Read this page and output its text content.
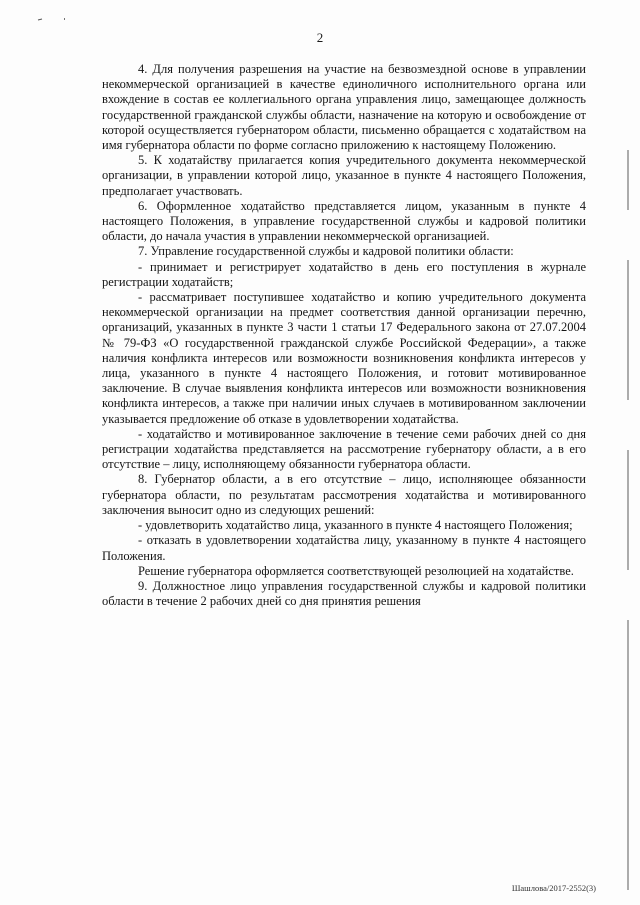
2

4. Для получения разрешения на участие на безвозмездной основе в управлении некоммерческой организацией в качестве единоличного исполнительного органа или вхождение в состав ее коллегиального органа управления лицо, замещающее должность государственной гражданской службы области, назначение на которую и освобождение от которой осуществляется губернатором области, письменно обращается с ходатайством на имя губернатора области по форме согласно приложению к настоящему Положению.

5. К ходатайству прилагается копия учредительного документа некоммерческой организации, в управлении которой лицо, указанное в пункте 4 настоящего Положения, предполагает участвовать.

6. Оформленное ходатайство представляется лицом, указанным в пункте 4 настоящего Положения, в управление государственной службы и кадровой политики области, до начала участия в управлении некоммерческой организацией.

7. Управление государственной службы и кадровой политики области:

- принимает и регистрирует ходатайство в день его поступления в журнале регистрации ходатайств;

- рассматривает поступившее ходатайство и копию учредительного документа некоммерческой организации на предмет соответствия данной организации перечню, организаций, указанных в пункте 3 части 1 статьи 17 Федерального закона от 27.07.2004 № 79-ФЗ «О государственной гражданской службе Российской Федерации», а также наличия конфликта интересов или возможности возникновения конфликта интересов у лица, указанного в пункте 4 настоящего Положения, и готовит мотивированное заключение. В случае выявления конфликта интересов или возможности возникновения конфликта интересов, а также при наличии иных случаев в мотивированном заключении указывается предложение об отказе в удовлетворении ходатайства.

- ходатайство и мотивированное заключение в течение семи рабочих дней со дня регистрации ходатайства представляется на рассмотрение губернатору области, а в его отсутствие – лицу, исполняющему обязанности губернатора области.

8. Губернатор области, а в его отсутствие – лицо, исполняющее обязанности губернатора области, по результатам рассмотрения ходатайства и мотивированного заключения выносит одно из следующих решений:

- удовлетворить ходатайство лица, указанного в пункте 4 настоящего Положения;

- отказать в удовлетворении ходатайства лицу, указанному в пункте 4 настоящего Положения.

Решение губернатора оформляется соответствующей резолюцией на ходатайстве.

9. Должностное лицо управления государственной службы и кадровой политики области в течение 2 рабочих дней со дня принятия решения

Шашлова/2017-2552(3)
